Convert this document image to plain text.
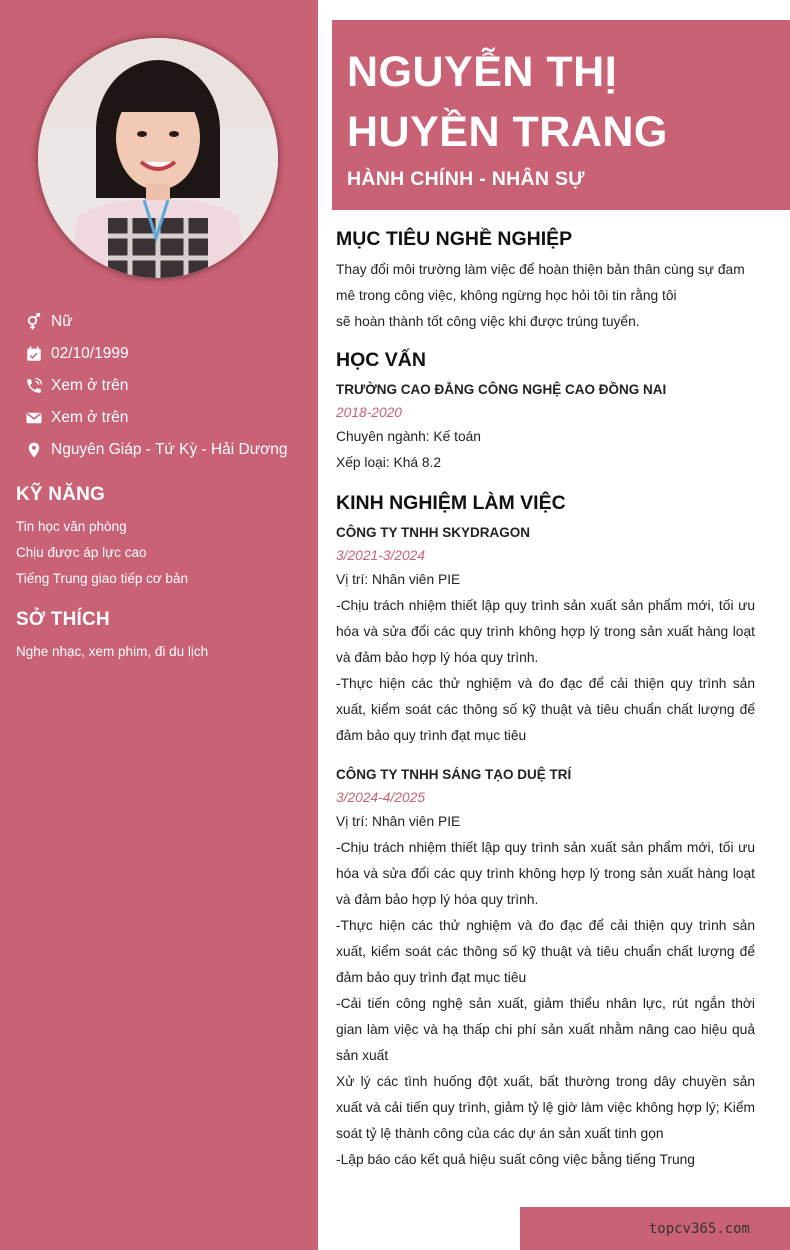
Nữ
02/10/1999
Xem ở trên
Xem ở trên
Nguyên Giáp - Tứ Kỳ - Hải Dương
KỸ NĂNG
Tin học văn phòng
Chịu được áp lực cao
Tiếng Trung giao tiếp cơ bản
SỞ THÍCH
Nghe nhạc, xem phim, đi du lịch
NGUYỄN THỊ
HUYỀN TRANG
HÀNH CHÍNH - NHÂN SỰ
MỤC TIÊU NGHỀ NGHIỆP
Thay đổi môi trường làm việc để hoàn thiện bản thân cùng sự đam
mê trong công việc, không ngừng học hỏi tôi tin rằng tôi
sẽ hoàn thành tốt công việc khi được trúng tuyển.
HỌC VẤN
TRƯỜNG CAO ĐẲNG CÔNG NGHỆ CAO ĐỒNG NAI
2018-2020
Chuyên ngành: Kế toán
Xếp loại: Khá 8.2
KINH NGHIỆM LÀM VIỆC
CÔNG TY TNHH SKYDRAGON
3/2021-3/2024
Vị trí: Nhân viên PIE
-Chịu trách nhiệm thiết lập quy trình sản xuất sản phẩm mới, tối ưu hóa và sửa đổi các quy trình không hợp lý trong sản xuất hàng loạt và đảm bảo hợp lý hóa quy trình.
-Thực hiện các thử nghiệm và đo đạc để cải thiện quy trình sản xuất, kiểm soát các thông số kỹ thuật và tiêu chuẩn chất lượng để đảm bảo quy trình đạt mục tiêu
CÔNG TY TNHH SÁNG TẠO DUỆ TRÍ
3/2024-4/2025
Vị trí: Nhân viên PIE
-Chịu trách nhiệm thiết lập quy trình sản xuất sản phẩm mới, tối ưu hóa và sửa đổi các quy trình không hợp lý trong sản xuất hàng loạt và đảm bảo hợp lý hóa quy trình.
-Thực hiện các thử nghiệm và đo đạc để cải thiện quy trình sản xuất, kiểm soát các thông số kỹ thuật và tiêu chuẩn chất lượng để đảm bảo quy trình đạt mục tiêu
-Cải tiến công nghệ sản xuất, giảm thiểu nhân lực, rút ngắn thời gian làm việc và hạ thấp chi phí sản xuất nhằm nâng cao hiệu quả sản xuất
Xử lý các tình huống đột xuất, bất thường trong dây chuyền sản xuất và cải tiến quy trình, giảm tỷ lệ giờ làm việc không hợp lý; Kiểm soát tỷ lệ thành công của các dự án sản xuất tinh gọn
-Lập báo cáo kết quả hiệu suất công việc bằng tiếng Trung
topcv365.com
